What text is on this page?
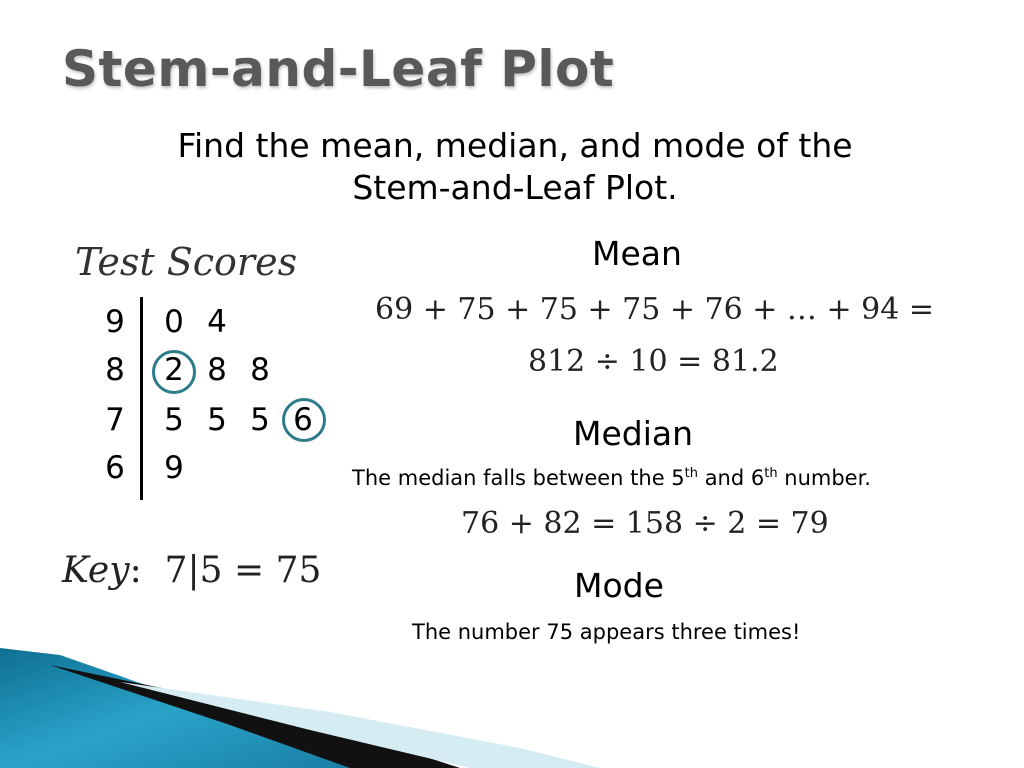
Stem-and-Leaf Plot
Find the mean, median, and mode of the
Stem-and-Leaf Plot.
Test Scores
9 0 4
8 2 8 8
7 5 5 5 6
6 9
Key: 7|5 = 75
Mean
69 + 75 + 75 + 75 + 76 + … + 94 =
812 ÷ 10 = 81.2
Median
The median falls between the 5th and 6th number.
76 + 82 = 158 ÷ 2 = 79
Mode
The number 75 appears three times!
